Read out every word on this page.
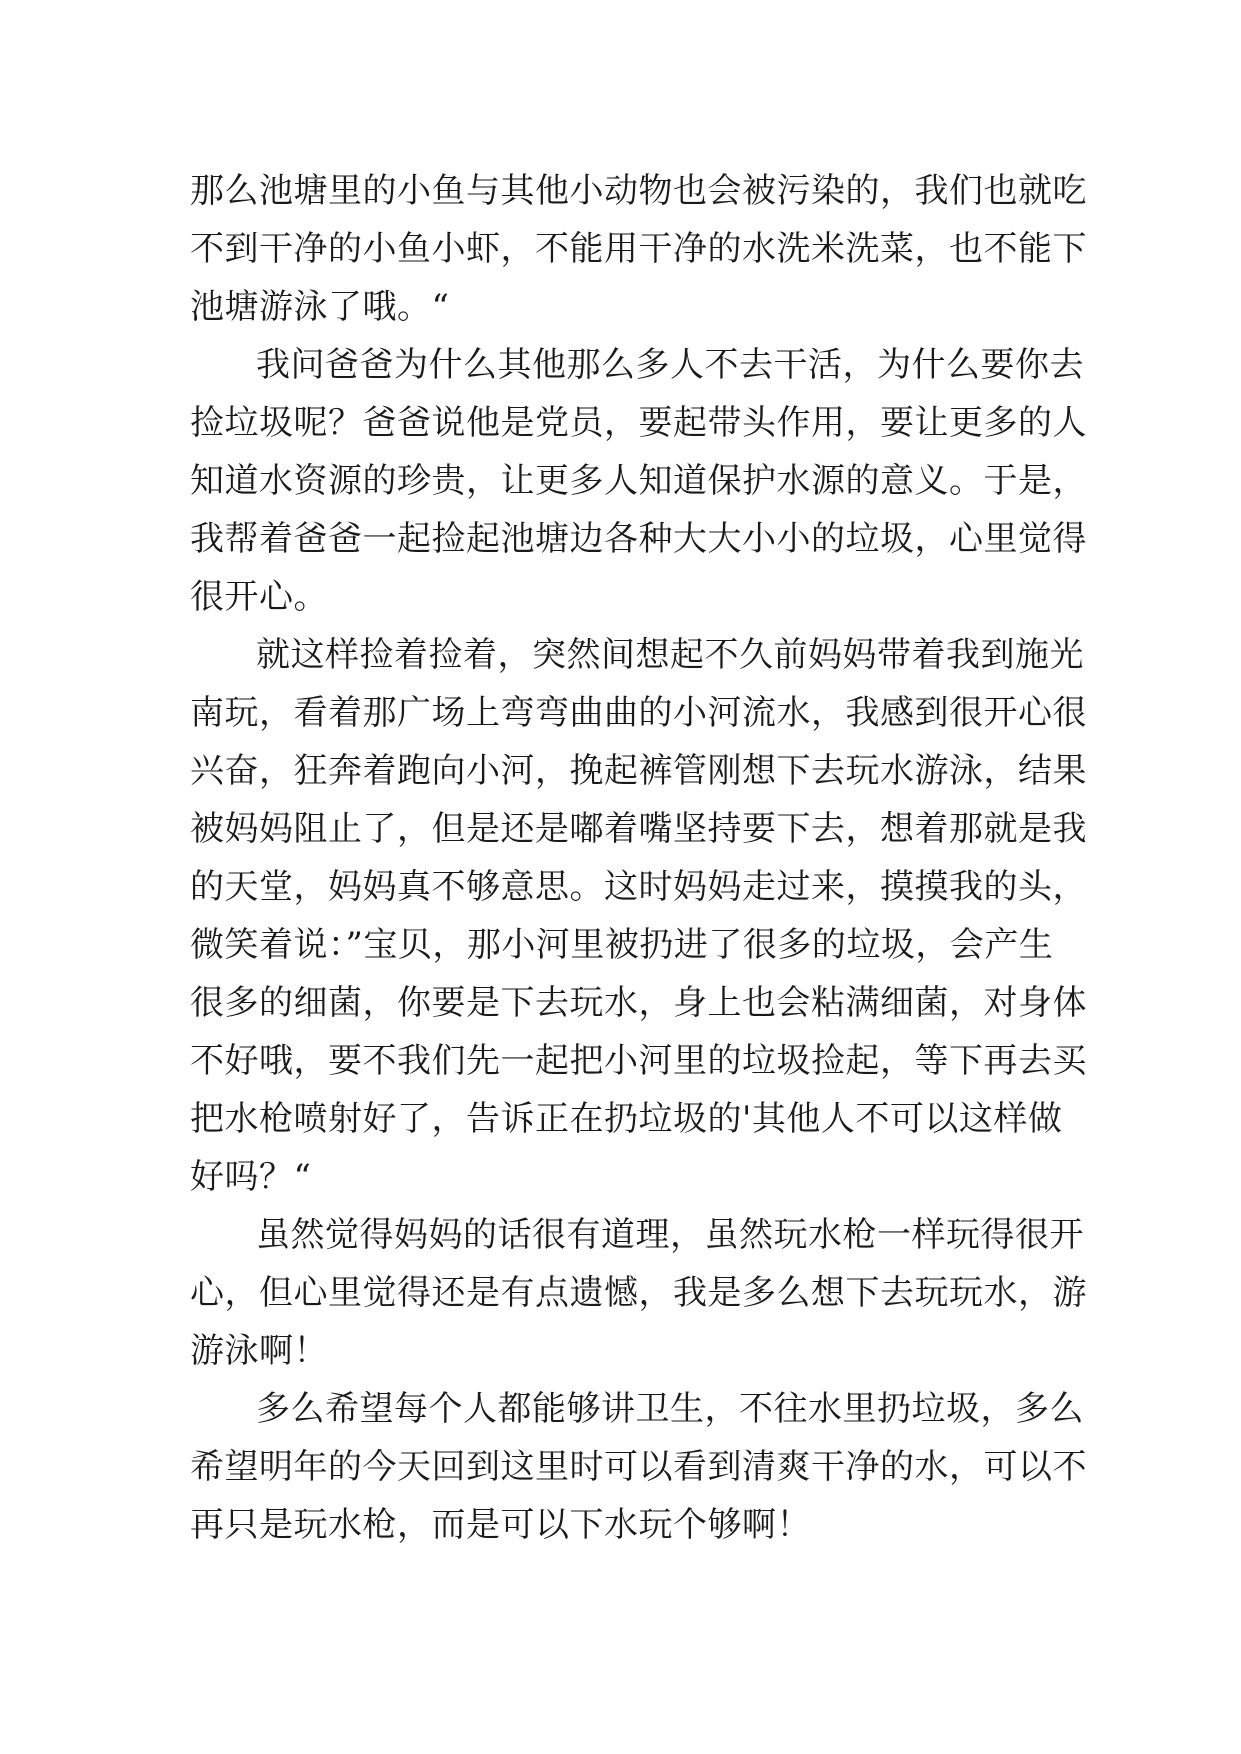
那么池塘里的小鱼与其他小动物也会被污染的，我们也就吃
不到干净的小鱼小虾，不能用干净的水洗米洗菜，也不能下
池塘游泳了哦。“
我问爸爸为什么其他那么多人不去干活，为什么要你去
捡垃圾呢？爸爸说他是党员，要起带头作用，要让更多的人
知道水资源的珍贵，让更多人知道保护水源的意义。于是，
我帮着爸爸一起捡起池塘边各种大大小小的垃圾，心里觉得
很开心。
就这样捡着捡着，突然间想起不久前妈妈带着我到施光
南玩，看着那广场上弯弯曲曲的小河流水，我感到很开心很
兴奋，狂奔着跑向小河，挽起裤管刚想下去玩水游泳，结果
被妈妈阻止了，但是还是嘟着嘴坚持要下去，想着那就是我
的天堂，妈妈真不够意思。这时妈妈走过来，摸摸我的头，
微笑着说：”宝贝，那小河里被扔进了很多的垃圾，会产生
很多的细菌，你要是下去玩水，身上也会粘满细菌，对身体
不好哦，要不我们先一起把小河里的垃圾捡起，等下再去买
把水枪喷射好了，告诉正在扔垃圾的'其他人不可以这样做
好吗？“
虽然觉得妈妈的话很有道理，虽然玩水枪一样玩得很开
心，但心里觉得还是有点遗憾，我是多么想下去玩玩水，游
游泳啊！
多么希望每个人都能够讲卫生，不往水里扔垃圾，多么
希望明年的今天回到这里时可以看到清爽干净的水，可以不
再只是玩水枪，而是可以下水玩个够啊！
